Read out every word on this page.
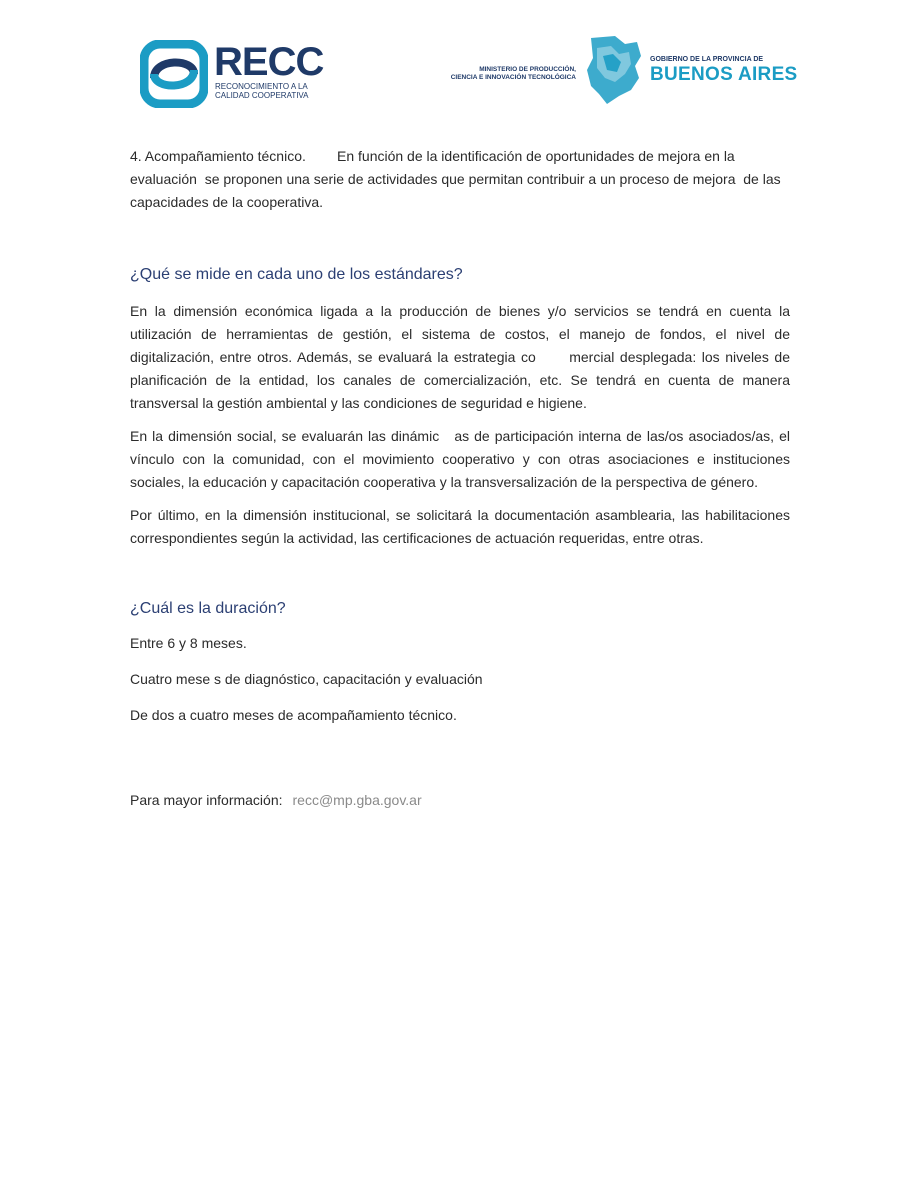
RECC
RECONOCIMIENTO A LA
CALIDAD COOPERATIVA
MINISTERIO DE PRODUCCIÓN,
CIENCIA E INNOVACIÓN TECNOLÓGICA
GOBIERNO DE LA PROVINCIA DE
BUENOS AIRES

4. Acompañamiento técnico.        En función de la identificación de oportunidades de mejora en la evaluación  se proponen una serie de actividades que permitan contribuir a un proceso de mejora  de las capacidades de la cooperativa.

¿Qué se mide en cada uno de los estándares?

En la dimensión económica ligada a la producción de bienes y/o servicios se tendrá en cuenta la utilización de herramientas de gestión, el sistema de costos, el manejo de fondos, el nivel de digitalización, entre otros. Además, se evaluará la estrategia co      mercial desplegada: los niveles de planificación de la entidad, los canales de comercialización, etc. Se tendrá en cuenta de manera transversal la gestión ambiental y las condiciones de seguridad e higiene.

En la dimensión social, se evaluarán las dinámic   as de participación interna de las/os asociados/as, el vínculo con la comunidad, con el movimiento cooperativo y con otras asociaciones e instituciones sociales, la educación y capacitación cooperativa y la transversalización de la perspectiva de género.

Por último, en la dimensión institucional, se solicitará la documentación asamblearia, las habilitaciones correspondientes según la actividad, las certificaciones de actuación requeridas, entre otras.

¿Cuál es la duración?

Entre 6 y 8 meses.

Cuatro mese s de diagnóstico, capacitación y evaluación

De dos a cuatro meses de acompañamiento técnico.

Para mayor información: recc@mp.gba.gov.ar
